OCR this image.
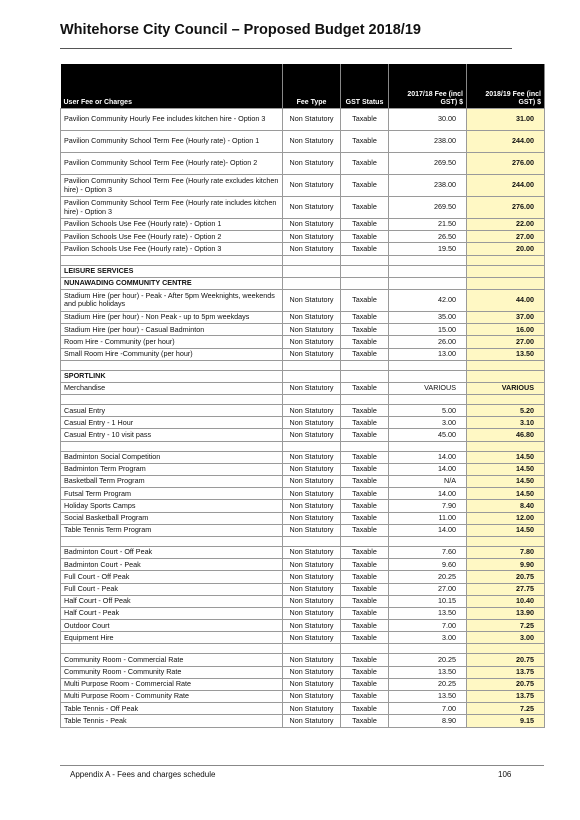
Whitehorse City Council – Proposed Budget 2018/19
User Fee or Charges	Fee Type	GST Status	2017/18 Fee (incl GST) $	2018/19 Fee (incl GST) $
Pavilion Community Hourly Fee includes kitchen hire - Option 3	Non Statutory	Taxable	30.00	31.00
Pavilion Community School Term Fee (Hourly rate) - Option 1	Non Statutory	Taxable	238.00	244.00
Pavilion Community School Term Fee (Hourly rate)- Option 2	Non Statutory	Taxable	269.50	276.00
Pavilion Community School Term Fee (Hourly rate excludes kitchen hire) - Option 3	Non Statutory	Taxable	238.00	244.00
Pavilion Community School Term Fee (Hourly rate includes kitchen hire) - Option 3	Non Statutory	Taxable	269.50	276.00
Pavilion Schools Use Fee (Hourly rate) - Option 1	Non Statutory	Taxable	21.50	22.00
Pavilion Schools Use Fee (Hourly rate) - Option 2	Non Statutory	Taxable	26.50	27.00
Pavilion Schools Use Fee (Hourly rate) - Option 3	Non Statutory	Taxable	19.50	20.00

LEISURE SERVICES				
NUNAWADING COMMUNITY CENTRE				
Stadium Hire (per hour) - Peak - After 5pm Weeknights, weekends and public holidays	Non Statutory	Taxable	42.00	44.00
Stadium Hire (per hour) - Non Peak - up to 5pm weekdays	Non Statutory	Taxable	35.00	37.00
Stadium Hire (per hour) - Casual Badminton	Non Statutory	Taxable	15.00	16.00
Room Hire - Community (per hour)	Non Statutory	Taxable	26.00	27.00
Small Room Hire -Community (per hour)	Non Statutory	Taxable	13.00	13.50

SPORTLINK				
Merchandise	Non Statutory	Taxable	VARIOUS	VARIOUS

Casual Entry	Non Statutory	Taxable	5.00	5.20
Casual Entry - 1 Hour	Non Statutory	Taxable	3.00	3.10
Casual Entry - 10 visit pass	Non Statutory	Taxable	45.00	46.80

Badminton Social Competition	Non Statutory	Taxable	14.00	14.50
Badminton Term Program	Non Statutory	Taxable	14.00	14.50
Basketball Term Program	Non Statutory	Taxable	N/A	14.50
Futsal Term Program	Non Statutory	Taxable	14.00	14.50
Holiday Sports Camps	Non Statutory	Taxable	7.90	8.40
Social Basketball Program	Non Statutory	Taxable	11.00	12.00
Table Tennis Term Program	Non Statutory	Taxable	14.00	14.50

Badminton Court - Off Peak	Non Statutory	Taxable	7.60	7.80
Badminton Court - Peak	Non Statutory	Taxable	9.60	9.90
Full Court - Off Peak	Non Statutory	Taxable	20.25	20.75
Full Court - Peak	Non Statutory	Taxable	27.00	27.75
Half Court - Off Peak	Non Statutory	Taxable	10.15	10.40
Half Court - Peak	Non Statutory	Taxable	13.50	13.90
Outdoor Court	Non Statutory	Taxable	7.00	7.25
Equipment Hire	Non Statutory	Taxable	3.00	3.00

Community Room - Commercial Rate	Non Statutory	Taxable	20.25	20.75
Community Room - Community Rate	Non Statutory	Taxable	13.50	13.75
Multi Purpose Room - Commercial Rate	Non Statutory	Taxable	20.25	20.75
Multi Purpose Room - Community Rate	Non Statutory	Taxable	13.50	13.75
Table Tennis - Off Peak	Non Statutory	Taxable	7.00	7.25
Table Tennis - Peak	Non Statutory	Taxable	8.90	9.15
Appendix A - Fees and charges schedule	106
